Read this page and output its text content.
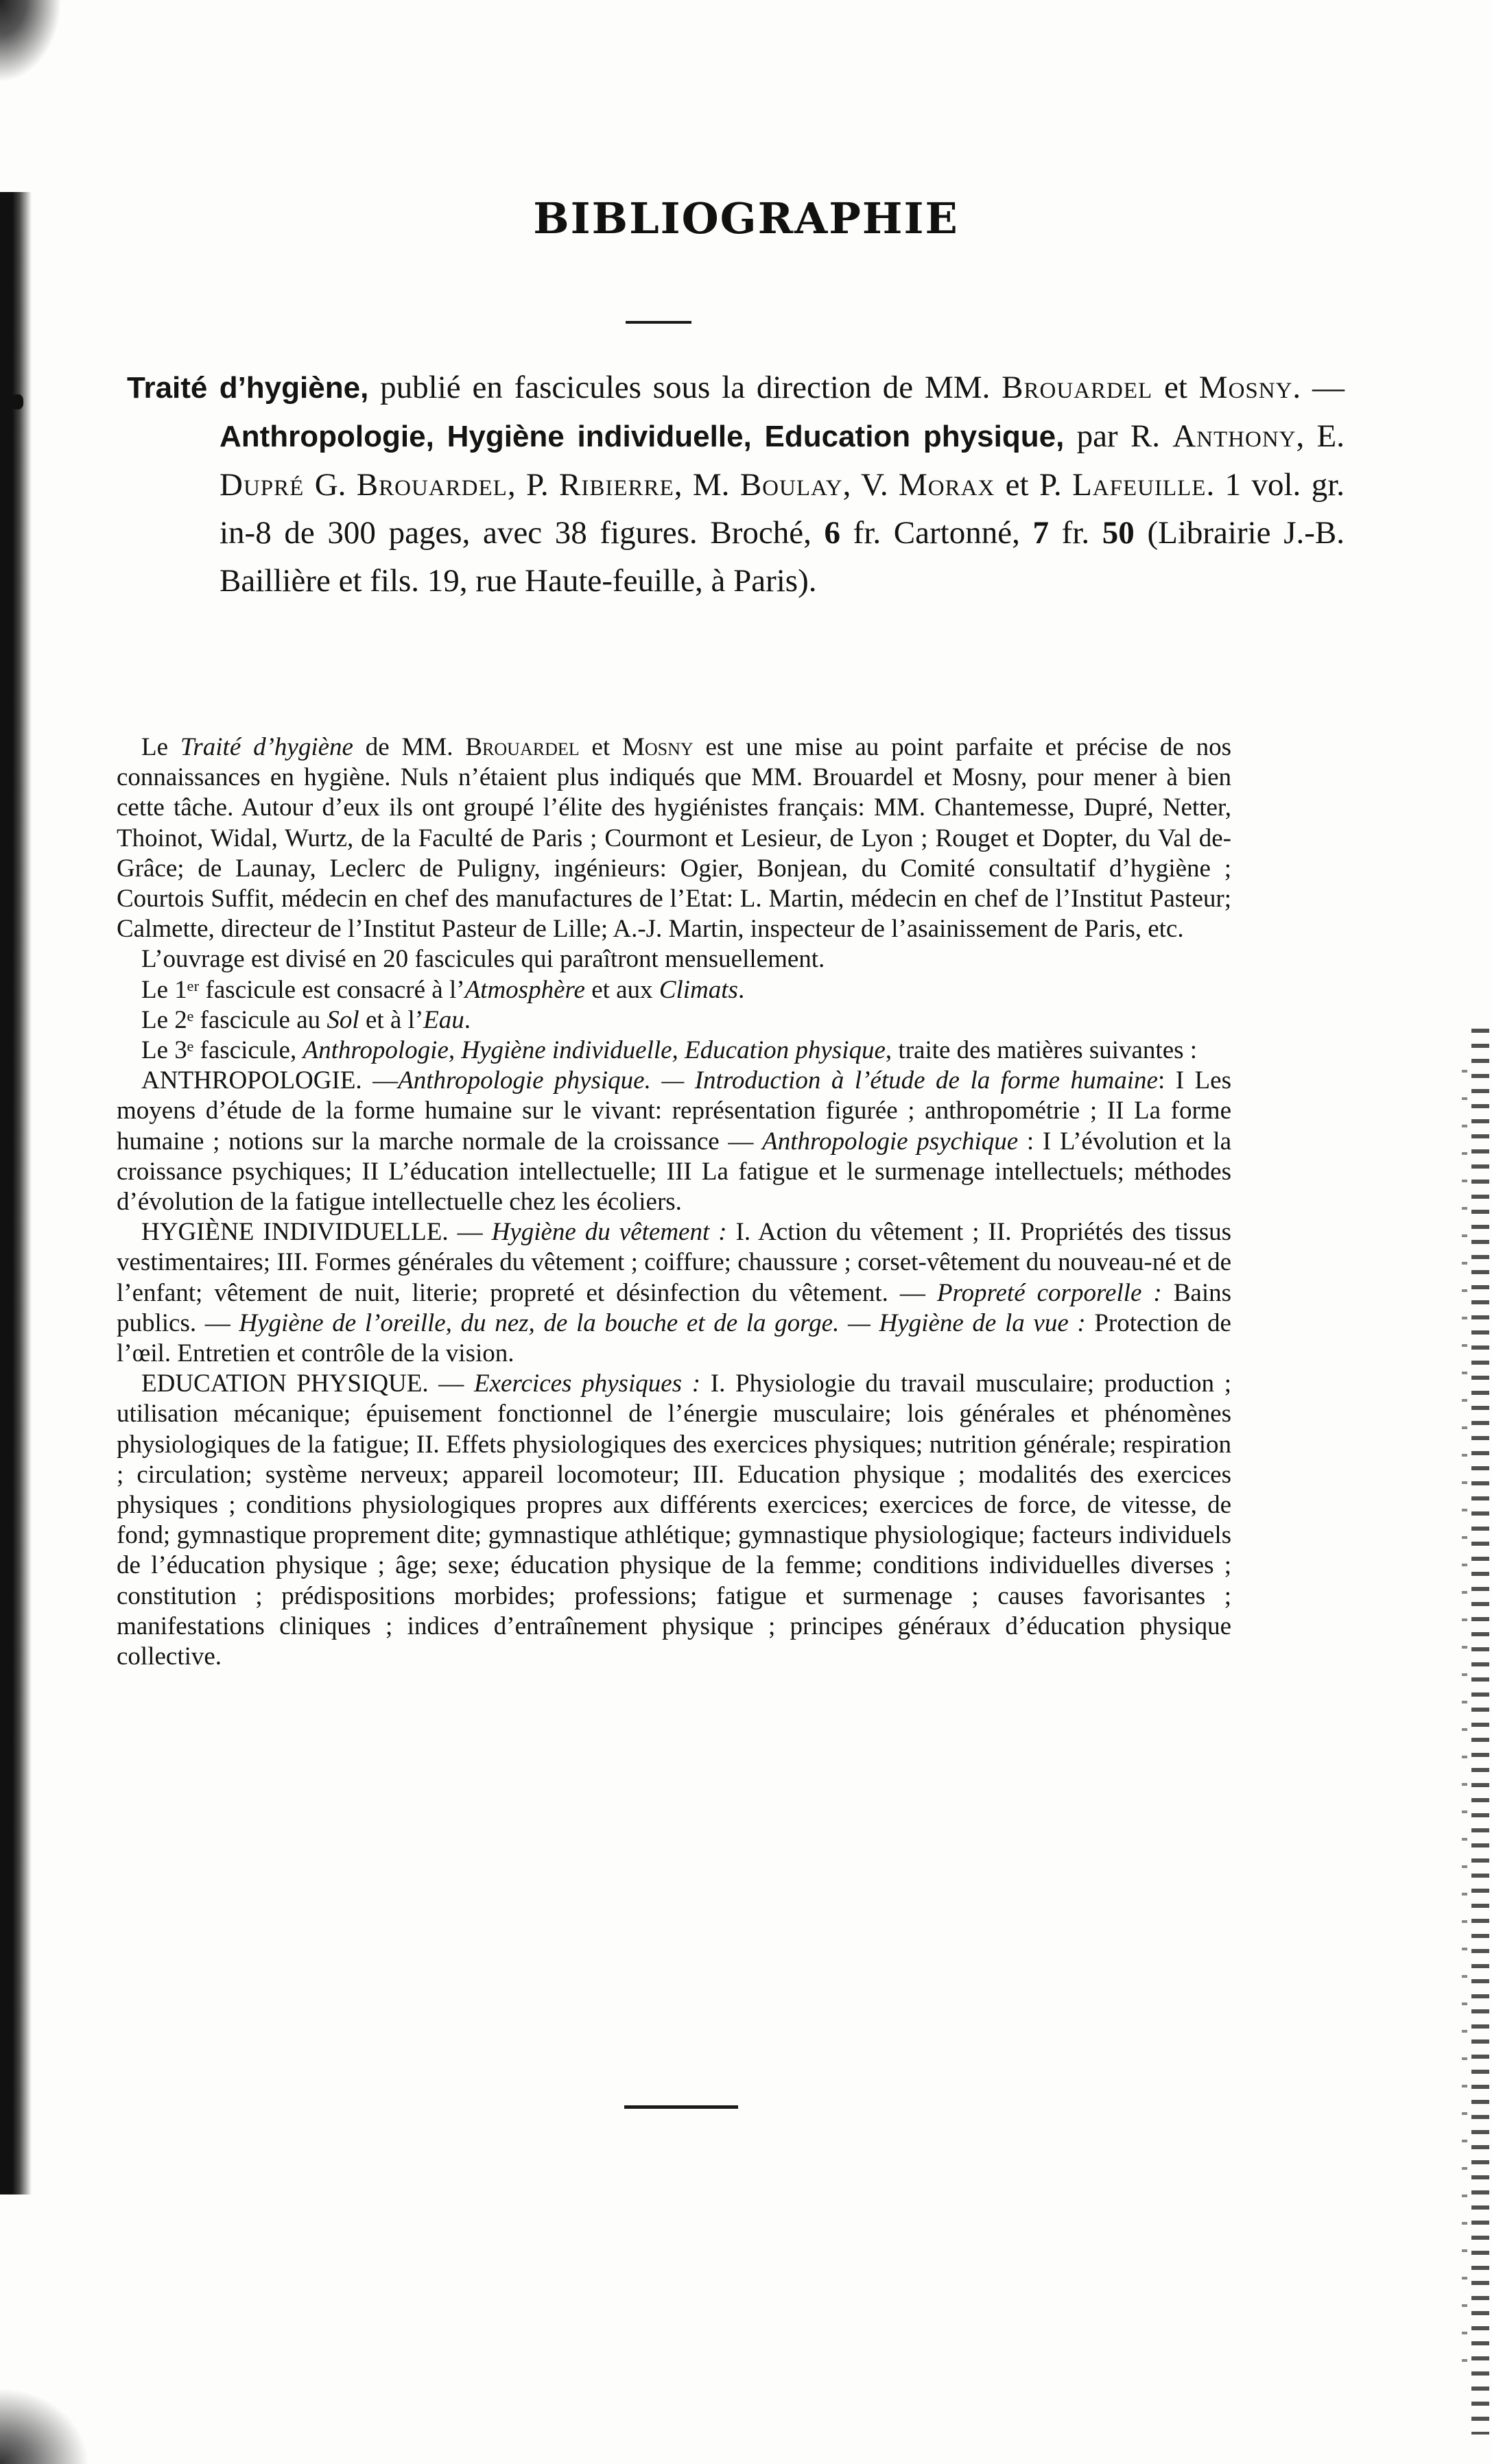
BIBLIOGRAPHIE
Traité d’hygiène, publié en fascicules sous la direction de MM. Brouardel et Mosny. — Anthropologie, Hygiène individuelle, Education physique, par R. Anthony, E. Dupré G. Brouardel, P. Ribierre, M. Boulay, V. Morax et P. Lafeuille. 1 vol. gr. in-8 de 300 pages, avec 38 figures. Broché, 6 fr. Cartonné, 7 fr. 50 (Librairie J.-B. Baillière et fils. 19, rue Haute-feuille, à Paris).

Le Traité d’hygiène de MM. Brouardel et Mosny est une mise au point parfaite et précise de nos connaissances en hygiène. Nuls n’étaient plus indiqués que MM. Brouardel et Mosny, pour mener à bien cette tâche. Autour d’eux ils ont groupé l’élite des hygiénistes français: MM. Chantemesse, Dupré, Netter, Thoinot, Widal, Wurtz, de la Faculté de Paris ; Courmont et Lesieur, de Lyon ; Rouget et Dopter, du Val de-Grâce; de Launay, Leclerc de Puligny, ingénieurs: Ogier, Bonjean, du Comité consultatif d’hygiène ; Courtois Suffit, médecin en chef des manufactures de l’Etat: L. Martin, médecin en chef de l’Institut Pasteur; Calmette, directeur de l’Institut Pasteur de Lille; A.-J. Martin, inspecteur de l’asainissement de Paris, etc.

L’ouvrage est divisé en 20 fascicules qui paraîtront mensuellement.

Le 1ᵉʳ fascicule est consacré à l’Atmosphère et aux Climats.

Le 2ᵉ fascicule au Sol et à l’Eau.

Le 3ᵉ fascicule, Anthropologie, Hygiène individuelle, Education physique, traite des matières suivantes :

ANTHROPOLOGIE. —Anthropologie physique. — Introduction à l’étude de la forme humaine: I Les moyens d’étude de la forme humaine sur le vivant: représentation figurée ; anthropométrie ; II La forme humaine ; notions sur la marche normale de la croissance — Anthropologie psychique : I L’évolution et la croissance psychiques; II L’éducation intellectuelle; III La fatigue et le surmenage intellectuels; méthodes d’évolution de la fatigue intellectuelle chez les écoliers.

HYGIÈNE INDIVIDUELLE. — Hygiène du vêtement : I. Action du vêtement ; II. Propriétés des tissus vestimentaires; III. Formes générales du vêtement ; coiffure; chaussure ; corset-vêtement du nouveau-né et de l’enfant; vêtement de nuit, literie; propreté et désinfection du vêtement. — Propreté corporelle : Bains publics. — Hygiène de l’oreille, du nez, de la bouche et de la gorge. — Hygiène de la vue : Protection de l’œil. Entretien et contrôle de la vision.

EDUCATION PHYSIQUE. — Exercices physiques : I. Physiologie du travail musculaire; production ; utilisation mécanique; épuisement fonctionnel de l’énergie musculaire; lois générales et phénomènes physiologiques de la fatigue; II. Effets physiologiques des exercices physiques; nutrition générale; respiration ; circulation; système nerveux; appareil locomoteur; III. Education physique ; modalités des exercices physiques ; conditions physiologiques propres aux différents exercices; exercices de force, de vitesse, de fond; gymnastique proprement dite; gymnastique athlétique; gymnastique physiologique; facteurs individuels de l’éducation physique ; âge; sexe; éducation physique de la femme; conditions individuelles diverses ; constitution ; prédispositions morbides; professions; fatigue et surmenage ; causes favorisantes ; manifestations cliniques ; indices d’entraînement physique ; principes généraux d’éducation physique collective.
